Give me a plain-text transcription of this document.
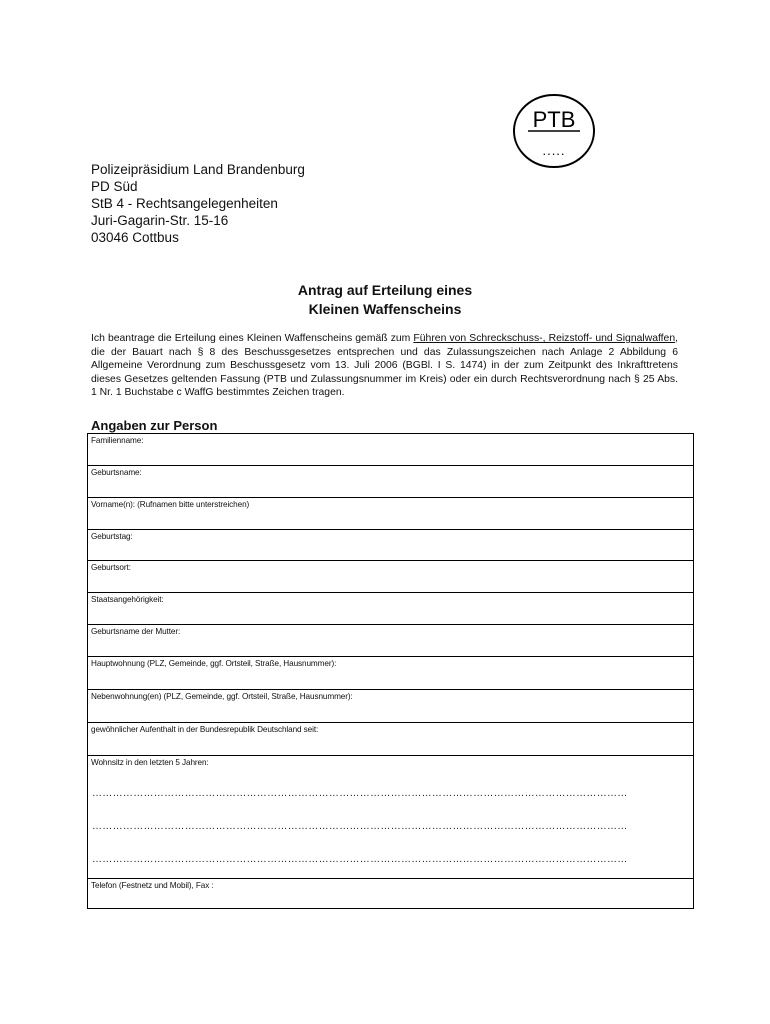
PTB
.....
Polizeipräsidium Land Brandenburg
PD Süd
StB 4 - Rechtsangelegenheiten
Juri-Gagarin-Str. 15-16
03046 Cottbus
Antrag auf Erteilung eines
Kleinen Waffenscheins
Ich beantrage die Erteilung eines Kleinen Waffenscheins gemäß zum Führen von Schreckschuss-, Reizstoff- und Signalwaffen, die der Bauart nach § 8 des Beschussgesetzes entsprechen und das Zulassungszeichen nach Anlage 2 Abbildung 6 Allgemeine Verordnung zum Beschussgesetz vom 13. Juli 2006 (BGBl. I S. 1474) in der zum Zeitpunkt des Inkrafttretens dieses Gesetzes geltenden Fassung (PTB und Zulassungsnummer im Kreis) oder ein durch Rechtsverordnung nach § 25 Abs. 1 Nr. 1 Buchstabe c WaffG bestimmtes Zeichen tragen.
Angaben zur Person
Familienname:
Geburtsname:
Vorname(n): (Rufnamen bitte unterstreichen)
Geburtstag:
Geburtsort:
Staatsangehörigkeit:
Geburtsname der Mutter:
Hauptwohnung (PLZ, Gemeinde, ggf. Ortsteil, Straße, Hausnummer):
Nebenwohnung(en) (PLZ, Gemeinde, ggf. Ortsteil, Straße, Hausnummer):
gewöhnlicher Aufenthalt in der Bundesrepublik Deutschland seit:
Wohnsitz in den letzten 5 Jahren:
…………………………………………………………………………………………………………………………………………
…………………………………………………………………………………………………………………………………………
…………………………………………………………………………………………………………………………………………
Telefon (Festnetz und Mobil), Fax :
